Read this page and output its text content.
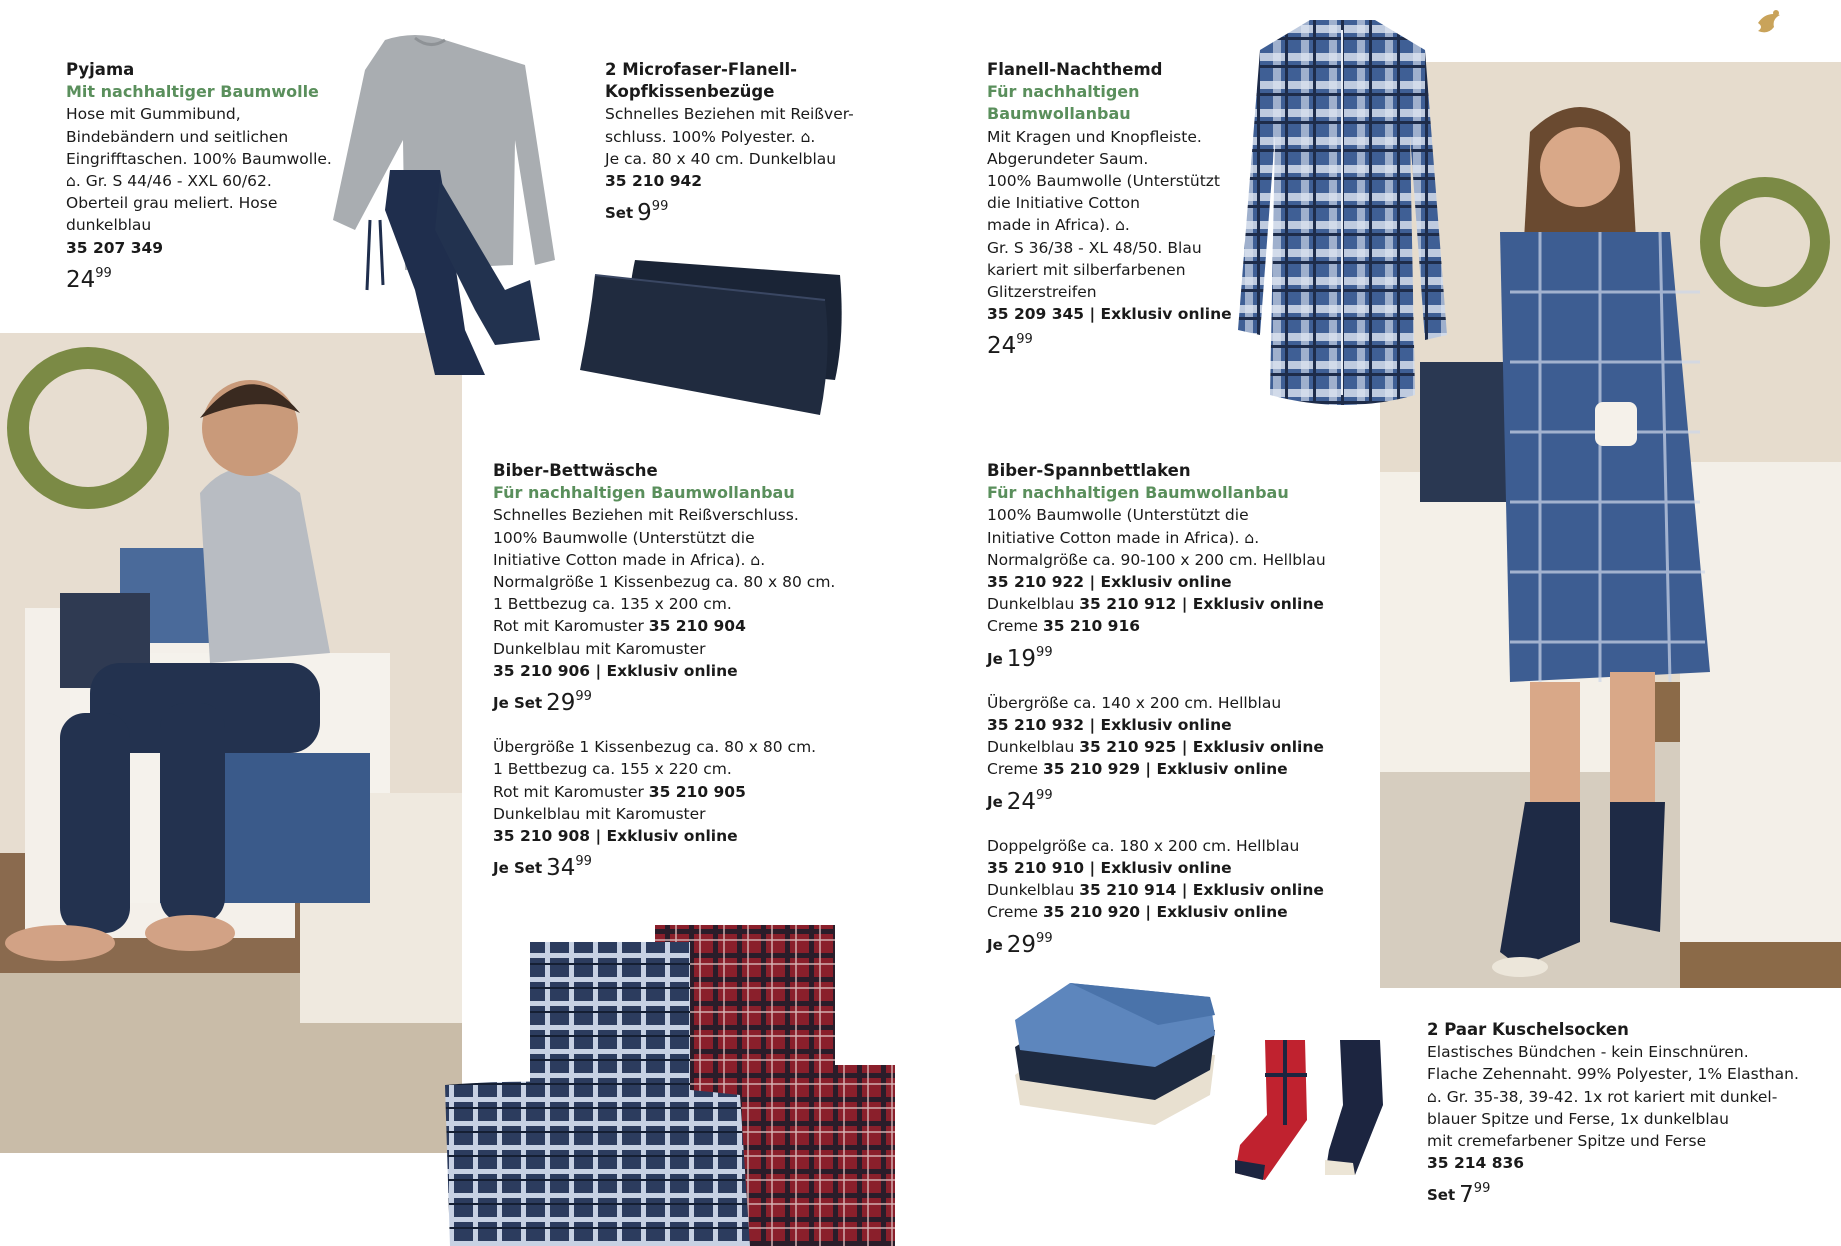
Pyjama
Mit nachhaltiger Baumwolle
Hose mit Gummibund,
Bindebändern und seitlichen
Eingrifftaschen. 100% Baumwolle.
⌂. Gr. S 44/46 - XXL 60/62.
Oberteil grau meliert. Hose
dunkelblau
35 207 349
$24^{99}$
2 Microfaser-Flanell-
Kopfkissenbezüge
Schnelles Beziehen mit Reißver-
schluss. 100% Polyester. ⌂.
Je ca. 80 x 40 cm. Dunkelblau
35 210 942
Set $9^{99}$
Flanell-Nachthemd
Für nachhaltigen
Baumwollanbau
Mit Kragen und Knopfleiste.
Abgerundeter Saum.
100% Baumwolle (Unterstützt
die Initiative Cotton
made in Africa). ⌂.
Gr. S 36/38 - XL 48/50. Blau
kariert mit silberfarbenen
Glitzerstreifen
35 209 345 | Exklusiv online
$24^{99}$
Biber-Bettwäsche
Für nachhaltigen Baumwollanbau
Schnelles Beziehen mit Reißverschluss.
100% Baumwolle (Unterstützt die
Initiative Cotton made in Africa). ⌂.
Normalgröße 1 Kissenbezug ca. 80 x 80 cm.
1 Bettbezug ca. 135 x 200 cm.
Rot mit Karomuster 35 210 904
Dunkelblau mit Karomuster
35 210 906 | Exklusiv online
Je Set $29^{99}$
Übergröße 1 Kissenbezug ca. 80 x 80 cm.
1 Bettbezug ca. 155 x 220 cm.
Rot mit Karomuster 35 210 905
Dunkelblau mit Karomuster
35 210 908 | Exklusiv online
Je Set $34^{99}$
Biber-Spannbettlaken
Für nachhaltigen Baumwollanbau
100% Baumwolle (Unterstützt die
Initiative Cotton made in Africa). ⌂.
Normalgröße ca. 90-100 x 200 cm. Hellblau
35 210 922 | Exklusiv online
Dunkelblau 35 210 912 | Exklusiv online
Creme 35 210 916
Je $19^{99}$
Übergröße ca. 140 x 200 cm. Hellblau
35 210 932 | Exklusiv online
Dunkelblau 35 210 925 | Exklusiv online
Creme 35 210 929 | Exklusiv online
Je $24^{99}$
Doppelgröße ca. 180 x 200 cm. Hellblau
35 210 910 | Exklusiv online
Dunkelblau 35 210 914 | Exklusiv online
Creme 35 210 920 | Exklusiv online
Je $29^{99}$
2 Paar Kuschelsocken
Elastisches Bündchen - kein Einschnüren.
Flache Zehennaht. 99% Polyester, 1% Elasthan.
⌂. Gr. 35-38, 39-42. 1x rot kariert mit dunkel-
blauer Spitze und Ferse, 1x dunkelblau
mit cremefarbener Spitze und Ferse
35 214 836
Set $7^{99}$
